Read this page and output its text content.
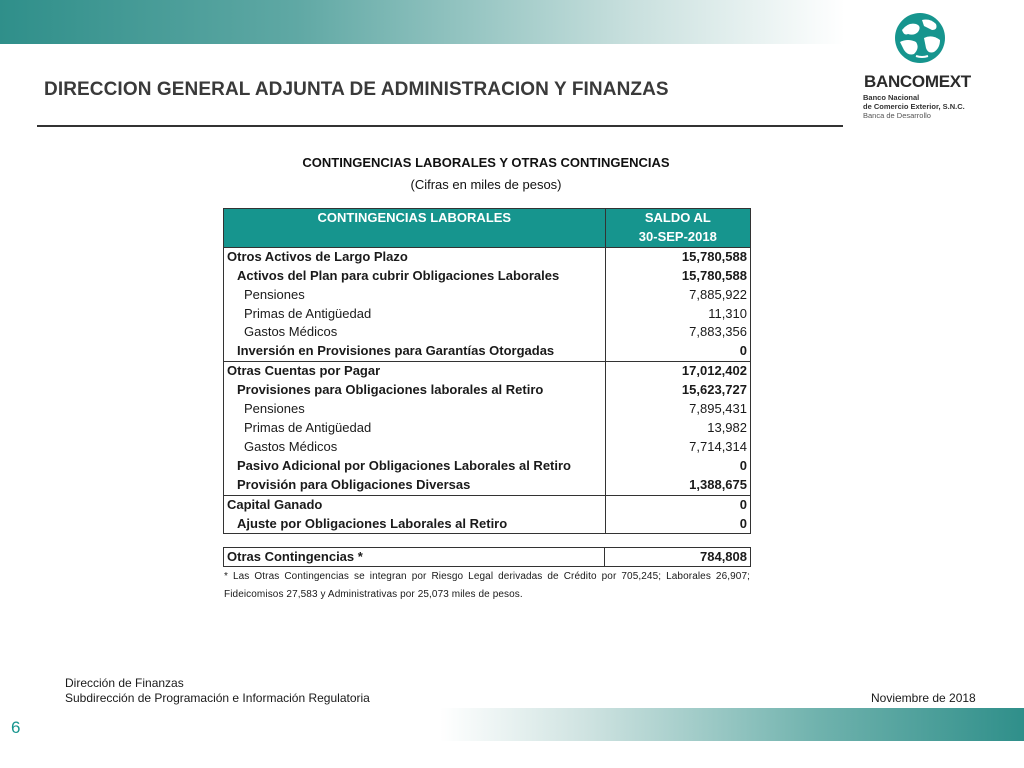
DIRECCION GENERAL ADJUNTA DE ADMINISTRACION Y FINANZAS	BANCOMEXT
Banco Nacional
de Comercio Exterior, S.N.C.
Banca de Desarrollo
CONTINGENCIAS LABORALES Y OTRAS CONTINGENCIAS
(Cifras en miles de pesos)
CONTINGENCIAS LABORALES	SALDO AL
	30-SEP-2018
Otros Activos de Largo Plazo	15,780,588
Activos del Plan para cubrir Obligaciones Laborales	15,780,588
Pensiones	7,885,922
Primas de Antigüedad	11,310
Gastos Médicos	7,883,356
Inversión en Provisiones para Garantías Otorgadas	0
Otras Cuentas por Pagar	17,012,402
Provisiones para Obligaciones laborales al Retiro	15,623,727
Pensiones	7,895,431
Primas de Antigüedad	13,982
Gastos Médicos	7,714,314
Pasivo Adicional por Obligaciones Laborales al Retiro	0
Provisión para Obligaciones Diversas	1,388,675
Capital Ganado	0
Ajuste por Obligaciones Laborales al Retiro	0
Otras Contingencias *	784,808
* Las Otras Contingencias se integran por Riesgo Legal derivadas de Crédito por 705,245; Laborales 26,907; Fideicomisos 27,583 y Administrativas por 25,073 miles de pesos.
Dirección de Finanzas
Subdirección de Programación e Información Regulatoria	Noviembre de 2018
6
